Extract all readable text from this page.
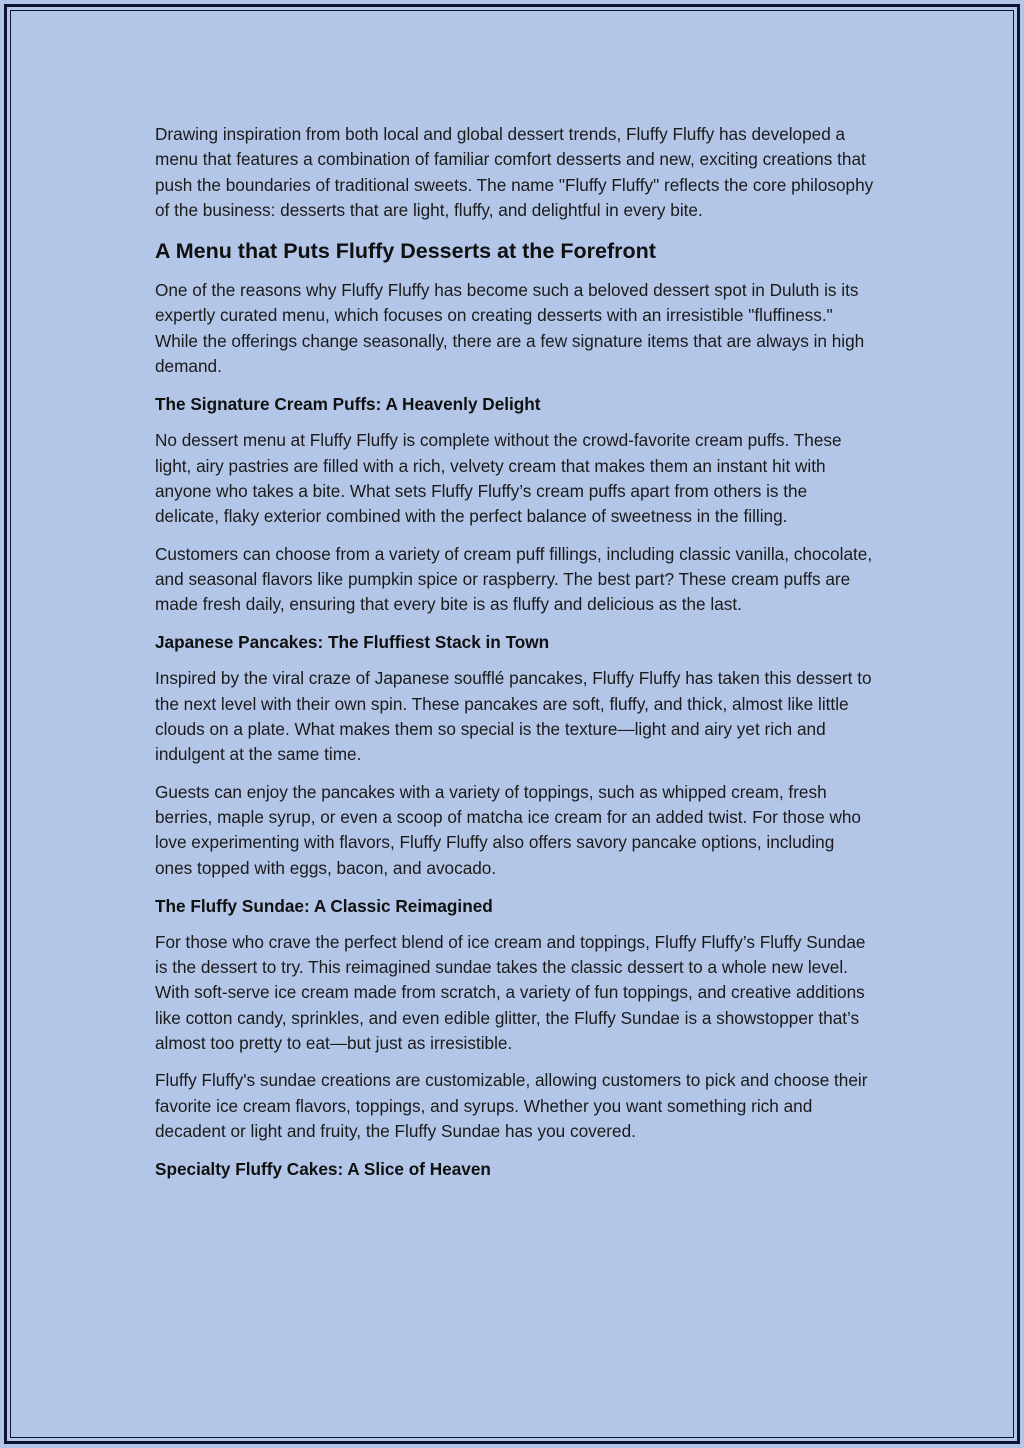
Drawing inspiration from both local and global dessert trends, Fluffy Fluffy has developed a menu that features a combination of familiar comfort desserts and new, exciting creations that push the boundaries of traditional sweets. The name "Fluffy Fluffy" reflects the core philosophy of the business: desserts that are light, fluffy, and delightful in every bite.

A Menu that Puts Fluffy Desserts at the Forefront

One of the reasons why Fluffy Fluffy has become such a beloved dessert spot in Duluth is its expertly curated menu, which focuses on creating desserts with an irresistible "fluffiness." While the offerings change seasonally, there are a few signature items that are always in high demand.

The Signature Cream Puffs: A Heavenly Delight

No dessert menu at Fluffy Fluffy is complete without the crowd-favorite cream puffs. These light, airy pastries are filled with a rich, velvety cream that makes them an instant hit with anyone who takes a bite. What sets Fluffy Fluffy’s cream puffs apart from others is the delicate, flaky exterior combined with the perfect balance of sweetness in the filling.

Customers can choose from a variety of cream puff fillings, including classic vanilla, chocolate, and seasonal flavors like pumpkin spice or raspberry. The best part? These cream puffs are made fresh daily, ensuring that every bite is as fluffy and delicious as the last.

Japanese Pancakes: The Fluffiest Stack in Town

Inspired by the viral craze of Japanese soufflé pancakes, Fluffy Fluffy has taken this dessert to the next level with their own spin. These pancakes are soft, fluffy, and thick, almost like little clouds on a plate. What makes them so special is the texture—light and airy yet rich and indulgent at the same time.

Guests can enjoy the pancakes with a variety of toppings, such as whipped cream, fresh berries, maple syrup, or even a scoop of matcha ice cream for an added twist. For those who love experimenting with flavors, Fluffy Fluffy also offers savory pancake options, including ones topped with eggs, bacon, and avocado.

The Fluffy Sundae: A Classic Reimagined

For those who crave the perfect blend of ice cream and toppings, Fluffy Fluffy’s Fluffy Sundae is the dessert to try. This reimagined sundae takes the classic dessert to a whole new level. With soft-serve ice cream made from scratch, a variety of fun toppings, and creative additions like cotton candy, sprinkles, and even edible glitter, the Fluffy Sundae is a showstopper that’s almost too pretty to eat—but just as irresistible.

Fluffy Fluffy's sundae creations are customizable, allowing customers to pick and choose their favorite ice cream flavors, toppings, and syrups. Whether you want something rich and decadent or light and fruity, the Fluffy Sundae has you covered.

Specialty Fluffy Cakes: A Slice of Heaven
